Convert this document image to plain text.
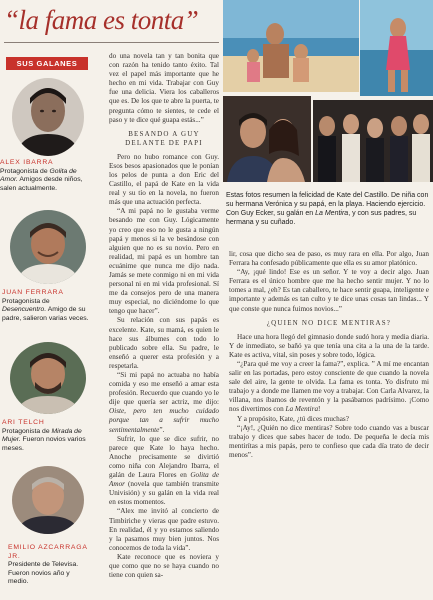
“la fama es tonta”
SUS GALANES
ALEX IBARRA
Protagonista de Golita de Amor. Amigos desde niños, salen actualmente.
JUAN FERRARA
Protagonista de Desencuentro. Amigo de su padre, salieron varias veces.
ARI TELCH
Protagonista de Mirada de Mujer. Fueron novios varios meses.
EMILIO AZCARRAGA JR.
Presidente de Televisa. Fueron novios año y medio.

do una novela tan y tan bonita que con razón ha tenido tanto éxito. Tal vez el papel más importante que he hecho en mi vida. Trabajar con Guy fue una delicia. Viera los caballeros que es. De los que te abre la puerta, te pregunta cómo te sientes, te cede el paso y te dice qué guapa estás...”

BESANDO A GUY DELANTE DE PAPI

Pero no hubo romance con Guy. Esos besos apasionados que le ponían los pelos de punta a don Eric del Castillo, el papá de Kate en la vida real y su tío en la novela, no fueron más que una actuación perfecta.

“A mi papá no le gustaba verme besando me con Guy. Lógicamente yo creo que eso no le gusta a ningún papá y menos si la ve besándose con alguien que no es su novio. Pero en realidad, mi papá es un hombre tan ecuánime que nunca me dijo nada. Jamás se mete conmigo ni en mi vida personal ni en mi vida profesional. Sí me da consejos pero de una manera muy especial, no diciéndome lo que tengo que hacer”.

Su relación con sus papás es excelente. Kate, su mamá, es quien le hace sus álbumes con todo lo publicado sobre ella. Su padre, le enseñó a querer esta profesión y a respetarla.

“Si mi papá no actuaba no había comida y eso me enseñó a amar esta profesión. Recuerdo que cuando yo le dije que quería ser actriz, me dijo: Oiste, pero ten mucho cuidado porque tan a sufrir mucho sentimentalmente”.

Sufrir, lo que se dice sufrir, no parece que Kate lo haya hecho. Anoche precisamente se divirtió como niña con Alejandro Ibarra, el galán de Laura Flores en Golita de Amor (novela que también transmite Univisión) y su galán en la vida real en estos momentos.

“Alex me invitó al concierto de Timbiriche y vieras que padre estuvo. En realidad, él y yo estamos saliendo y la pasamos muy bien juntos. Nos conocemos de toda la vida”.

Kate reconoce que es noviera y que como que no se haya cuando no tiene con quien sa-

Estas fotos resumen la felicidad de Kate del Castillo. De niña con su hermana Verónica y su papá, en la playa. Haciendo ejercicio. Con Guy Ecker, su galán en La Mentira, y con sus padres, su hermana y su cuñado.

lir, cosa que dicho sea de paso, es muy rara en ella. Por algo, Juan Ferrara ha confesado públicamente que ella es su amor platónico.

“Ay, ¡qué lindo! Ese es un señor. Y te voy a decir algo. Juan Ferrara es el único hombre que me ha hecho sentir mujer. Y no lo tomes a mal, ¿eh? Es tan caballero, te hace sentir guapa, inteligente e importante y además es tan culto y te dice unas cosas tan lindas... Y que conste que nunca fuimos novios...”

¿QUIEN NO DICE MENTIRAS?

Hace una hora llegó del gimnasio donde sudó hora y media diaria. Y de inmediato, se bañó ya que tenía una cita a la una de la tarde. Kate es activa, vital, sin poses y sobre todo, lógica.

“¿Para qué me voy a creer la fama?”, explica. ” A mí me encantan salir en las portadas, pero estoy consciente de que cuando la novela sale del aire, la gente te olvida. La fama es tonta. Yo disfruto mi trabajo y a donde me llamen me voy a trabajar. Con Carla Alvarez, la villana, nos íbamos de reventón y la pasábamos padrísimo. ¡Como nos divertimos con La Mentira!

Y a propósito, Kate, ¿tú dices muchas?

“¡Ay!, ¿Quién no dice mentiras? Sobre todo cuando vas a buscar trabajo y dices que sabes hacer de todo. De pequeña le decía mis mentirítas a mis papás, pero te confieso que cada día trato de decir menos”.
